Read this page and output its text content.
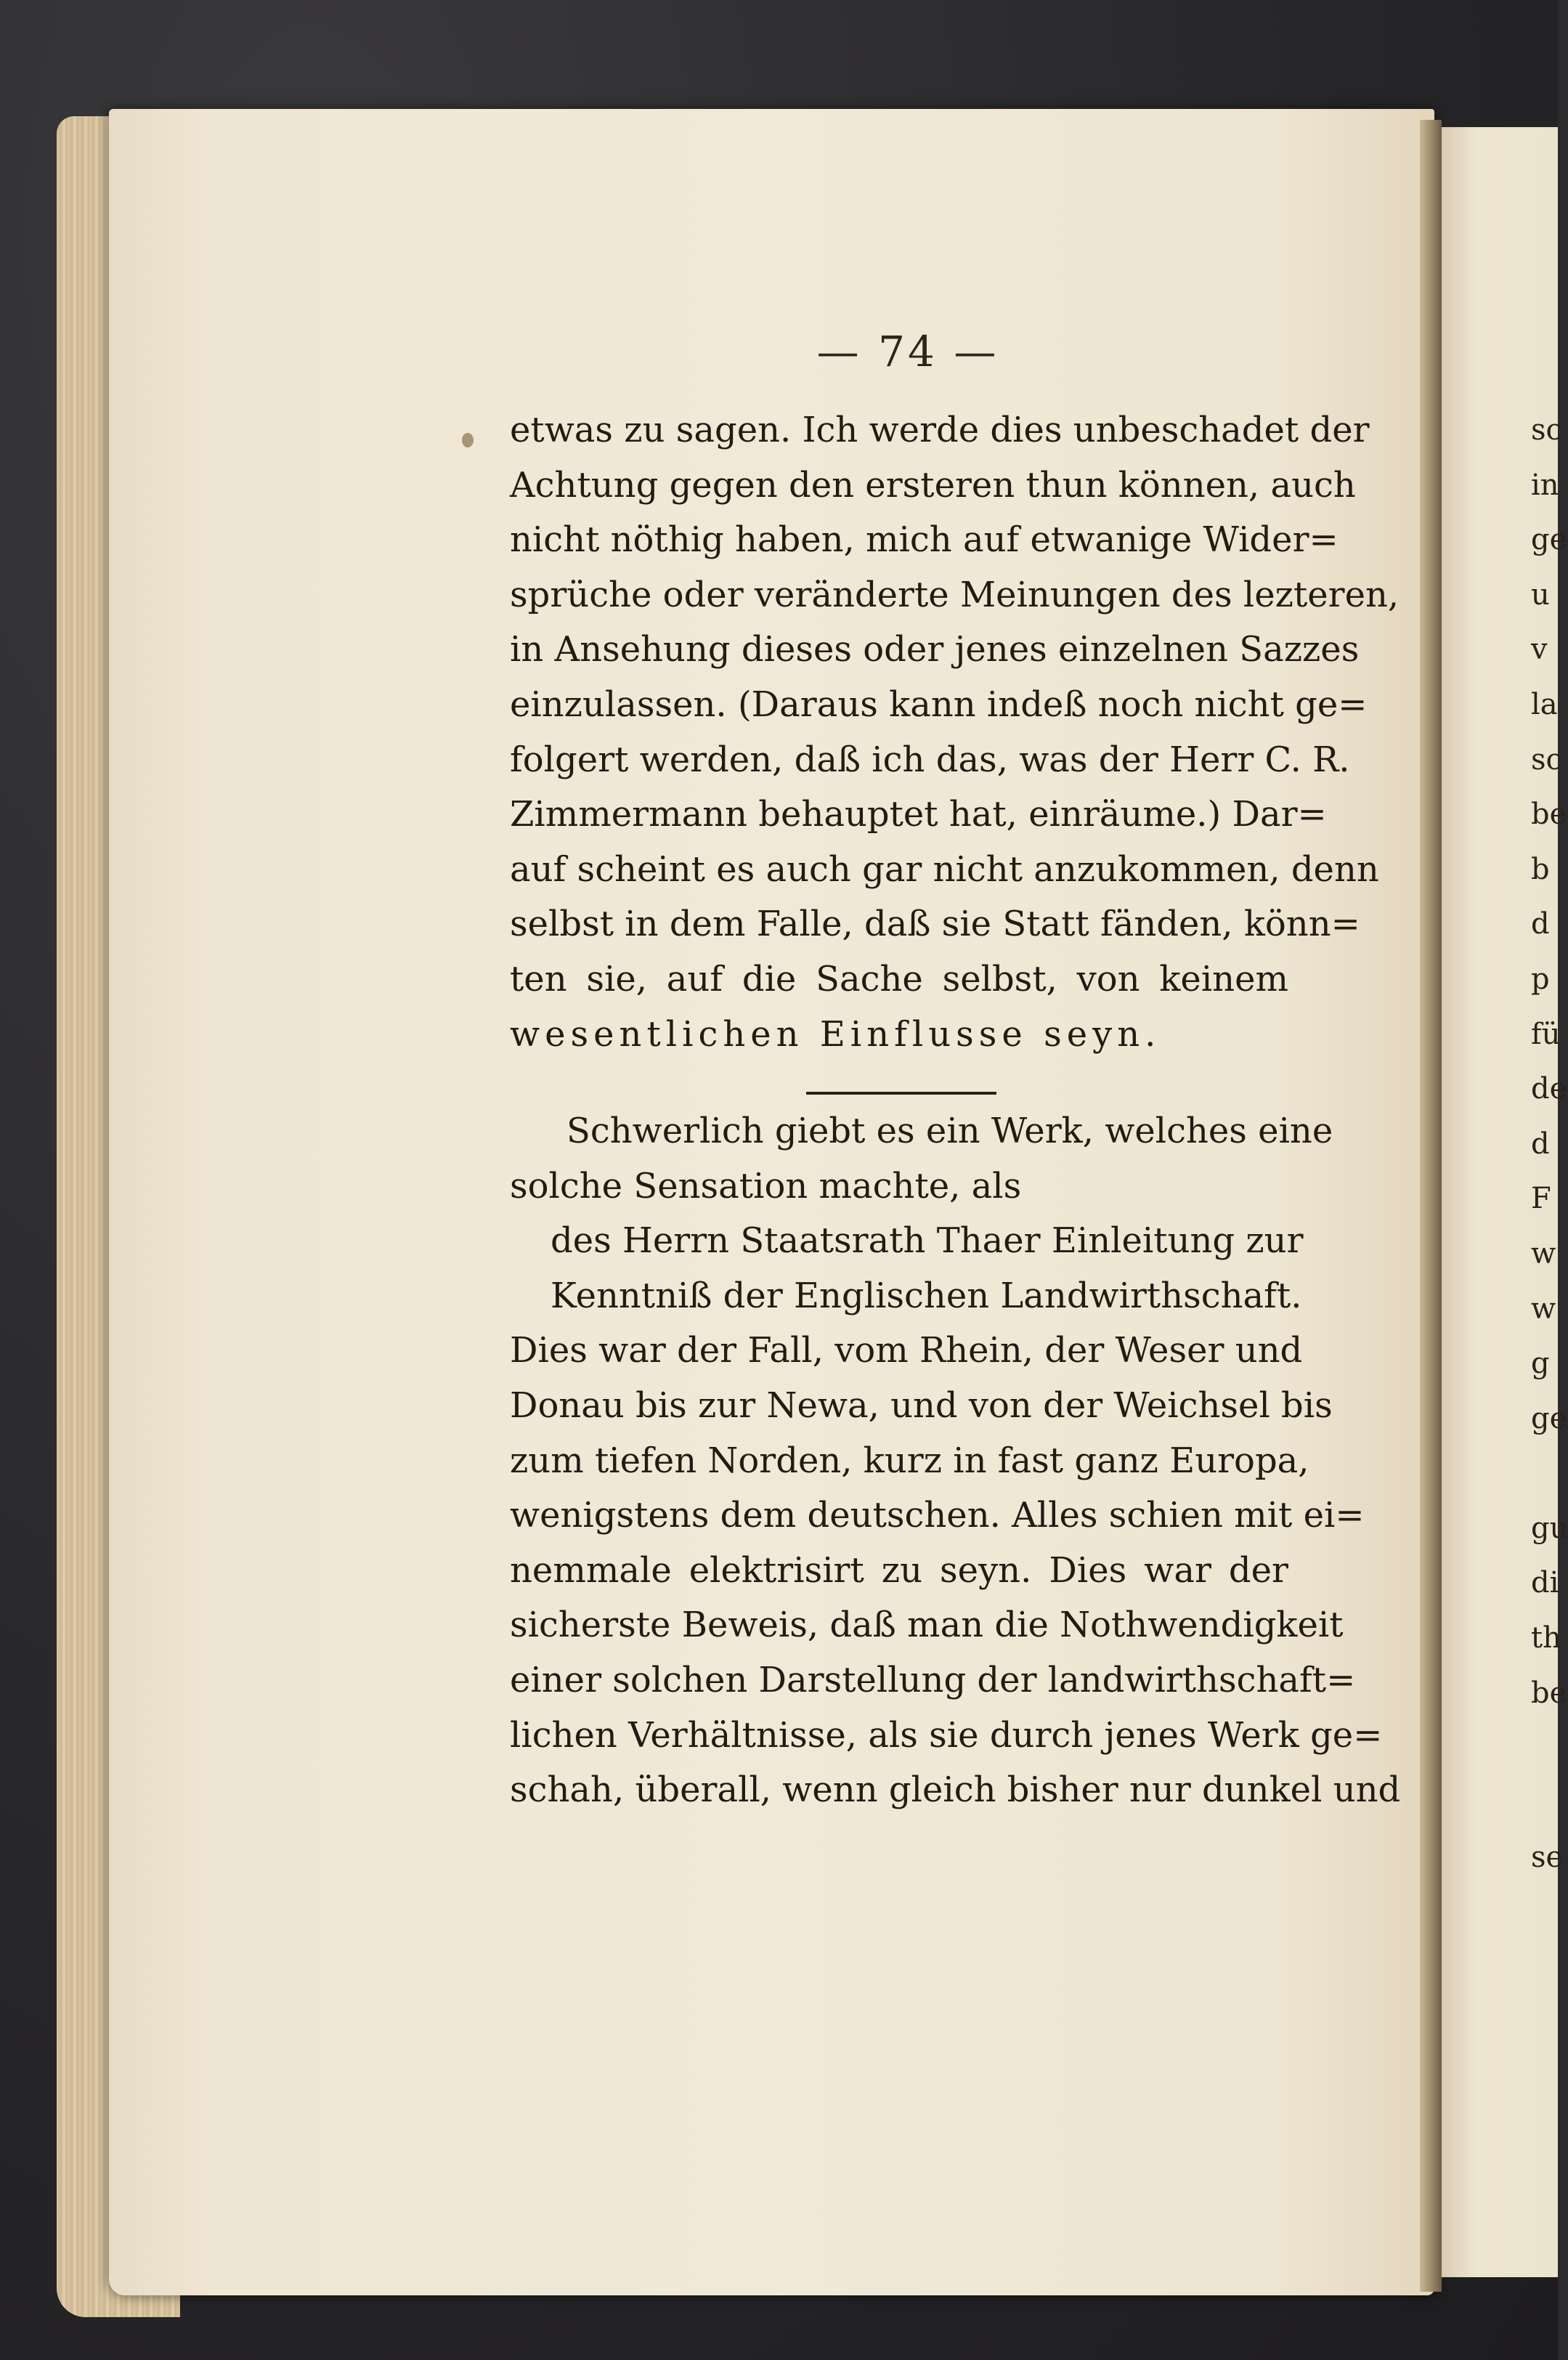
sc
in
ge
u
v
la
sc
be
b
d
p
fü
de
d
F
w
w
g
ge
gu
di
th
be
se
— 74 —
etwas zu sagen. Ich werde dies unbeschadet der
Achtung gegen den ersteren thun können, auch
nicht nöthig haben, mich auf etwanige Wider=
sprüche oder veränderte Meinungen des lezteren,
in Ansehung dieses oder jenes einzelnen Sazzes
einzulassen. (Daraus kann indeß noch nicht ge=
folgert werden, daß ich das, was der Herr C. R.
Zimmermann behauptet hat, einräume.) Dar=
auf scheint es auch gar nicht anzukommen, denn
selbst in dem Falle, daß sie Statt fänden, könn=
ten sie, auf die Sache selbst, von keinem
wesentlichen Einflusse seyn.
Schwerlich giebt es ein Werk, welches eine
solche Sensation machte, als
des Herrn Staatsrath Thaer Einleitung zur
Kenntniß der Englischen Landwirthschaft.
Dies war der Fall, vom Rhein, der Weser und
Donau bis zur Newa, und von der Weichsel bis
zum tiefen Norden, kurz in fast ganz Europa,
wenigstens dem deutschen. Alles schien mit ei=
nemmale elektrisirt zu seyn. Dies war der
sicherste Beweis, daß man die Nothwendigkeit
einer solchen Darstellung der landwirthschaft=
lichen Verhältnisse, als sie durch jenes Werk ge=
schah, überall, wenn gleich bisher nur dunkel und
